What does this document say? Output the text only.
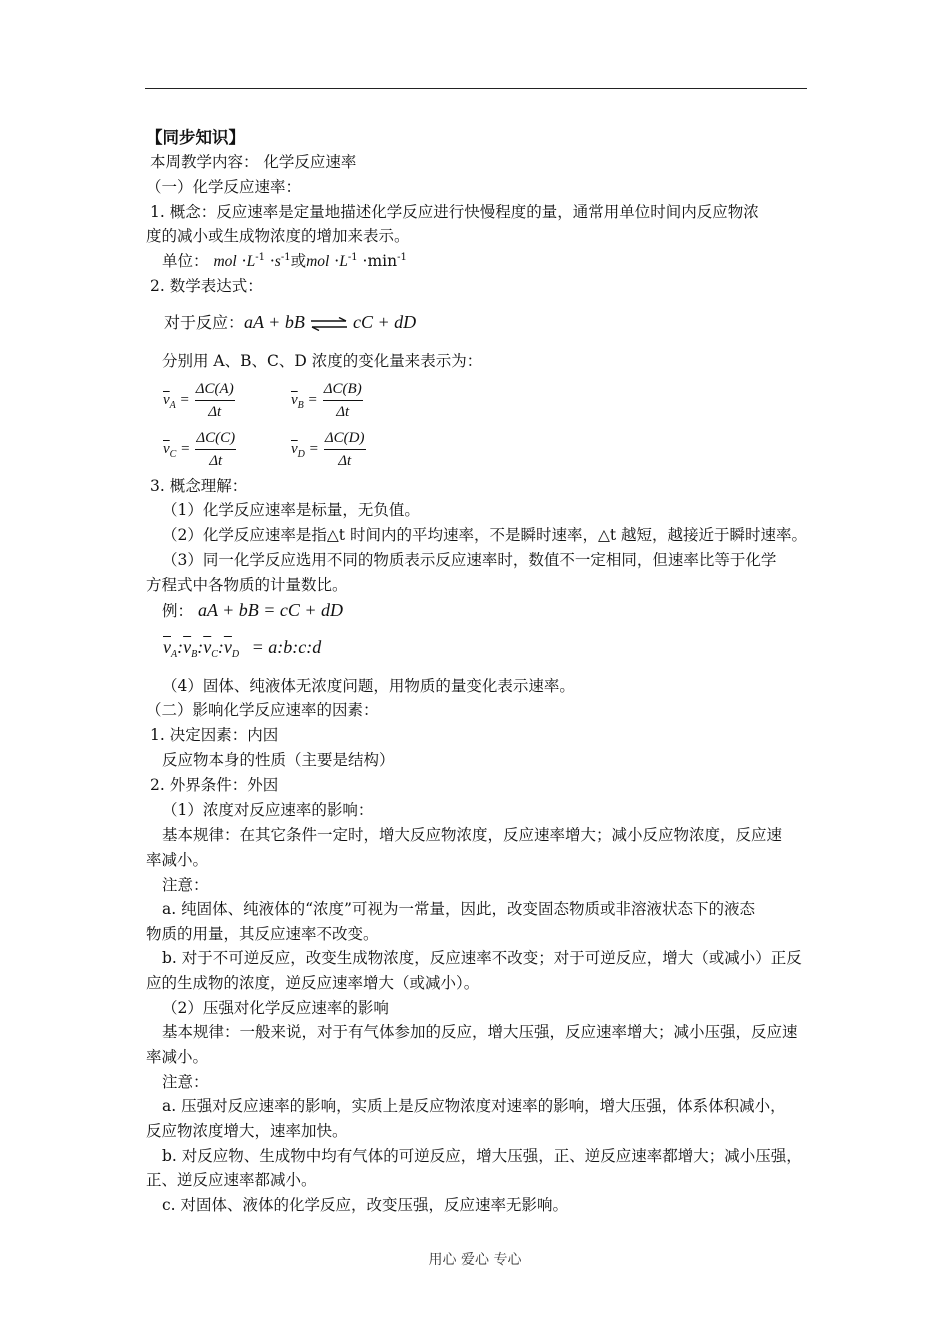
【同步知识】
本周教学内容： 化学反应速率
（一）化学反应速率：
1. 概念：反应速率是定量地描述化学反应进行快慢程度的量，通常用单位时间内反应物浓
度的减小或生成物浓度的增加来表示。
单位： mol $\cdot L^{-1} \cdot s^{-1}$或mol $\cdot L^{-1} \cdot\min^{-1}$
2. 数学表达式：
对于反应：aA + bB ⇌ cC + dD
分别用 A、B、C、D 浓度的变化量来表示为：
$\overline{v}_A = \frac{\Delta C(A)}{\Delta t}$	$\overline{v}_B = \frac{\Delta C(B)}{\Delta t}$
$\overline{v}_C = \frac{\Delta C(C)}{\Delta t}$	$\overline{v}_D = \frac{\Delta C(D)}{\Delta t}$
3. 概念理解：
（1）化学反应速率是标量，无负值。
（2）化学反应速率是指△t 时间内的平均速率，不是瞬时速率，△t 越短，越接近于瞬时速率。
（3）同一化学反应选用不同的物质表示反应速率时，数值不一定相同，但速率比等于化学
方程式中各物质的计量数比。
例： aA + bB = cC + dD
$\overline{v}_A:\overline{v}_B:\overline{v}_C:\overline{v}_D$ = a:b:c:d
（4）固体、纯液体无浓度问题，用物质的量变化表示速率。
（二）影响化学反应速率的因素：
1. 决定因素：内因
反应物本身的性质（主要是结构）
2. 外界条件：外因
（1）浓度对反应速率的影响：
基本规律：在其它条件一定时，增大反应物浓度，反应速率增大；减小反应物浓度，反应速
率减小。
注意：
a. 纯固体、纯液体的“浓度”可视为一常量，因此，改变固态物质或非溶液状态下的液态
物质的用量，其反应速率不改变。
b. 对于不可逆反应，改变生成物浓度，反应速率不改变；对于可逆反应，增大（或减小）正反
应的生成物的浓度，逆反应速率增大（或减小）。
（2）压强对化学反应速率的影响
基本规律：一般来说，对于有气体参加的反应，增大压强，反应速率增大；减小压强，反应速
率减小。
注意：
a. 压强对反应速率的影响，实质上是反应物浓度对速率的影响，增大压强，体系体积减小，
反应物浓度增大，速率加快。
b. 对反应物、生成物中均有气体的可逆反应，增大压强，正、逆反应速率都增大；减小压强，
正、逆反应速率都减小。
c. 对固体、液体的化学反应，改变压强，反应速率无影响。
用心 爱心 专心
